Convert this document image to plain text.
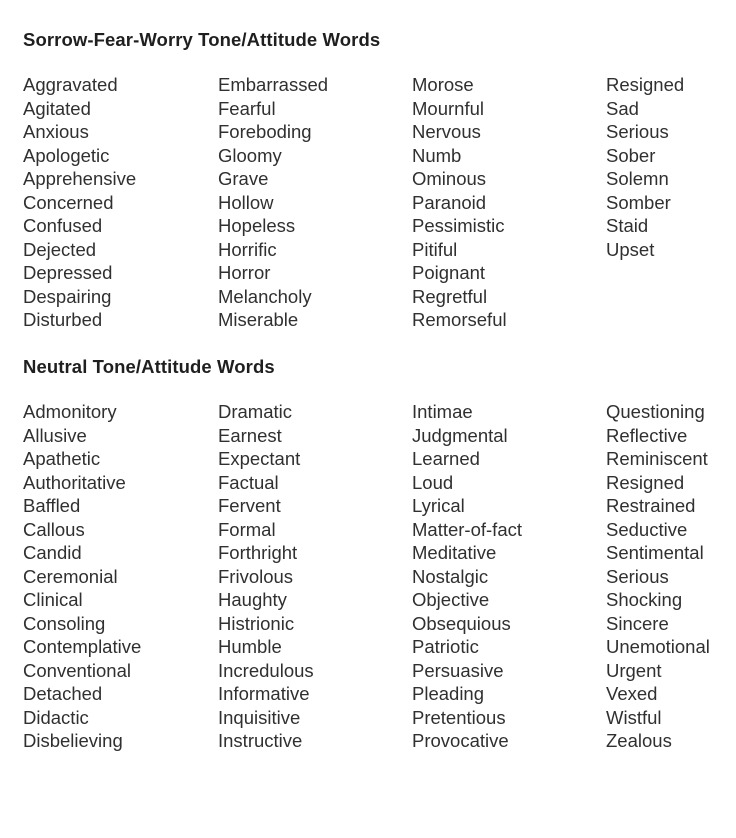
Sorrow-Fear-Worry Tone/Attitude Words
Aggravated
Agitated
Anxious
Apologetic
Apprehensive
Concerned
Confused
Dejected
Depressed
Despairing
Disturbed
Embarrassed
Fearful
Foreboding
Gloomy
Grave
Hollow
Hopeless
Horrific
Horror
Melancholy
Miserable
Morose
Mournful
Nervous
Numb
Ominous
Paranoid
Pessimistic
Pitiful
Poignant
Regretful
Remorseful
Resigned
Sad
Serious
Sober
Solemn
Somber
Staid
Upset
Neutral Tone/Attitude Words
Admonitory
Allusive
Apathetic
Authoritative
Baffled
Callous
Candid
Ceremonial
Clinical
Consoling
Contemplative
Conventional
Detached
Didactic
Disbelieving
Dramatic
Earnest
Expectant
Factual
Fervent
Formal
Forthright
Frivolous
Haughty
Histrionic
Humble
Incredulous
Informative
Inquisitive
Instructive
Intimae
Judgmental
Learned
Loud
Lyrical
Matter-of-fact
Meditative
Nostalgic
Objective
Obsequious
Patriotic
Persuasive
Pleading
Pretentious
Provocative
Questioning
Reflective
Reminiscent
Resigned
Restrained
Seductive
Sentimental
Serious
Shocking
Sincere
Unemotional
Urgent
Vexed
Wistful
Zealous
